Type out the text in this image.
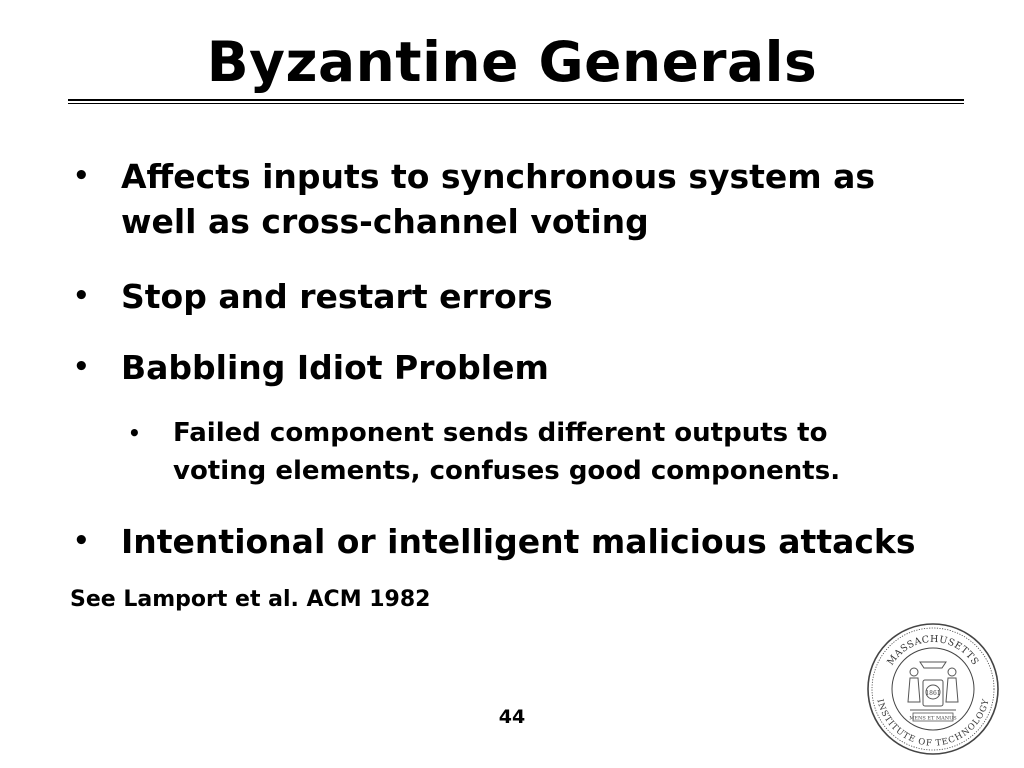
Byzantine Generals
• Affects inputs to synchronous system as
well as cross-channel voting
• Stop and restart errors
• Babbling Idiot Problem
• Failed component sends different outputs to
voting elements, confuses good components.
• Intentional or intelligent malicious attacks
See Lamport et al. ACM 1982
44
MASSACHUSETTS
INSTITUTE OF TECHNOLOGY
1861
MENS ET MANUS
